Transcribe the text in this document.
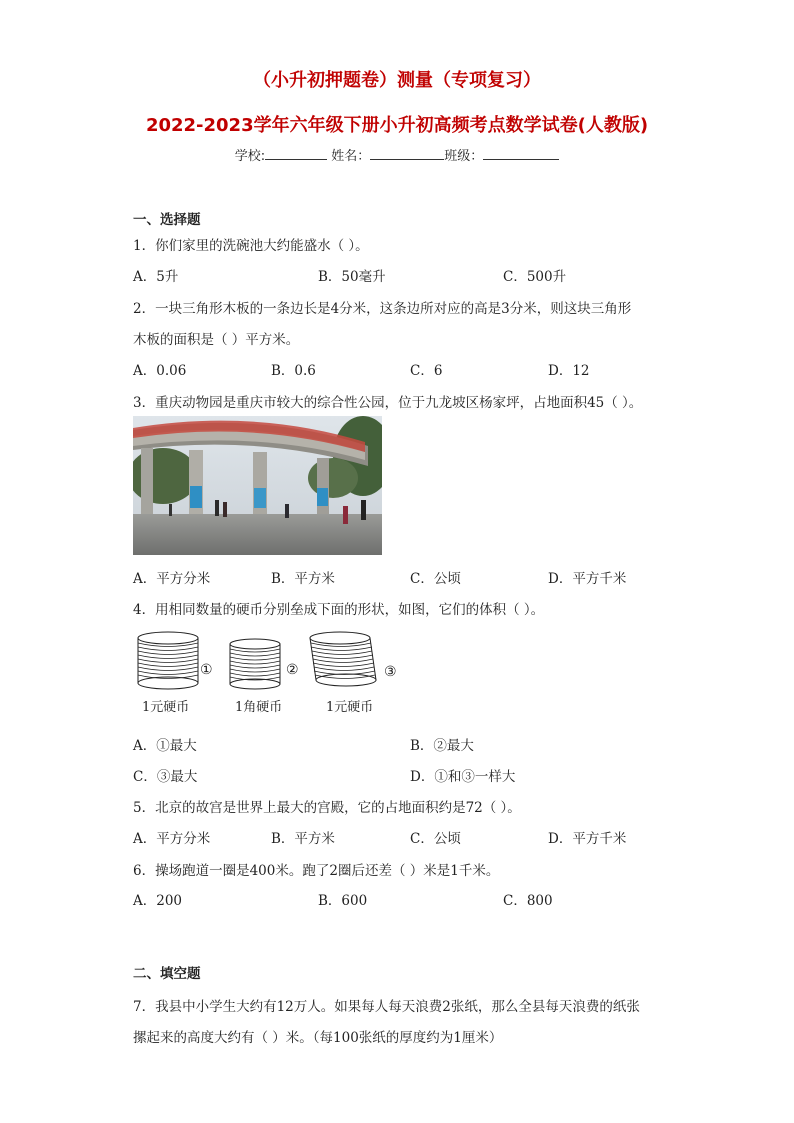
（小升初押题卷）测量（专项复习）
2022-2023学年六年级下册小升初高频考点数学试卷(人教版)
学校:	姓名：	班级：
一、选择题
1．你们家里的洗碗池大约能盛水（ ）。
A．5升	B．50毫升	C．500升
2．一块三角形木板的一条边长是4分米，这条边所对应的高是3分米，则这块三角形
木板的面积是（ ）平方米。
A．0.06	B．0.6	C．6	D．12
3．重庆动物园是重庆市较大的综合性公园，位于九龙坡区杨家坪，占地面积45（ ）。
A．平方分米	B．平方米	C．公顷	D．平方千米
4．用相同数量的硬币分别垒成下面的形状，如图，它们的体积（ ）。
①	②	③
1元硬币	1角硬币	1元硬币
A．①最大	B．②最大
C．③最大	D．①和③一样大
5．北京的故宫是世界上最大的宫殿，它的占地面积约是72（ ）。
A．平方分米	B．平方米	C．公顷	D．平方千米
6．操场跑道一圈是400米。跑了2圈后还差（ ）米是1千米。
A．200	B．600	C．800
二、填空题
7．我县中小学生大约有12万人。如果每人每天浪费2张纸，那么全县每天浪费的纸张
摞起来的高度大约有（ ）米。（每100张纸的厚度约为1厘米）
